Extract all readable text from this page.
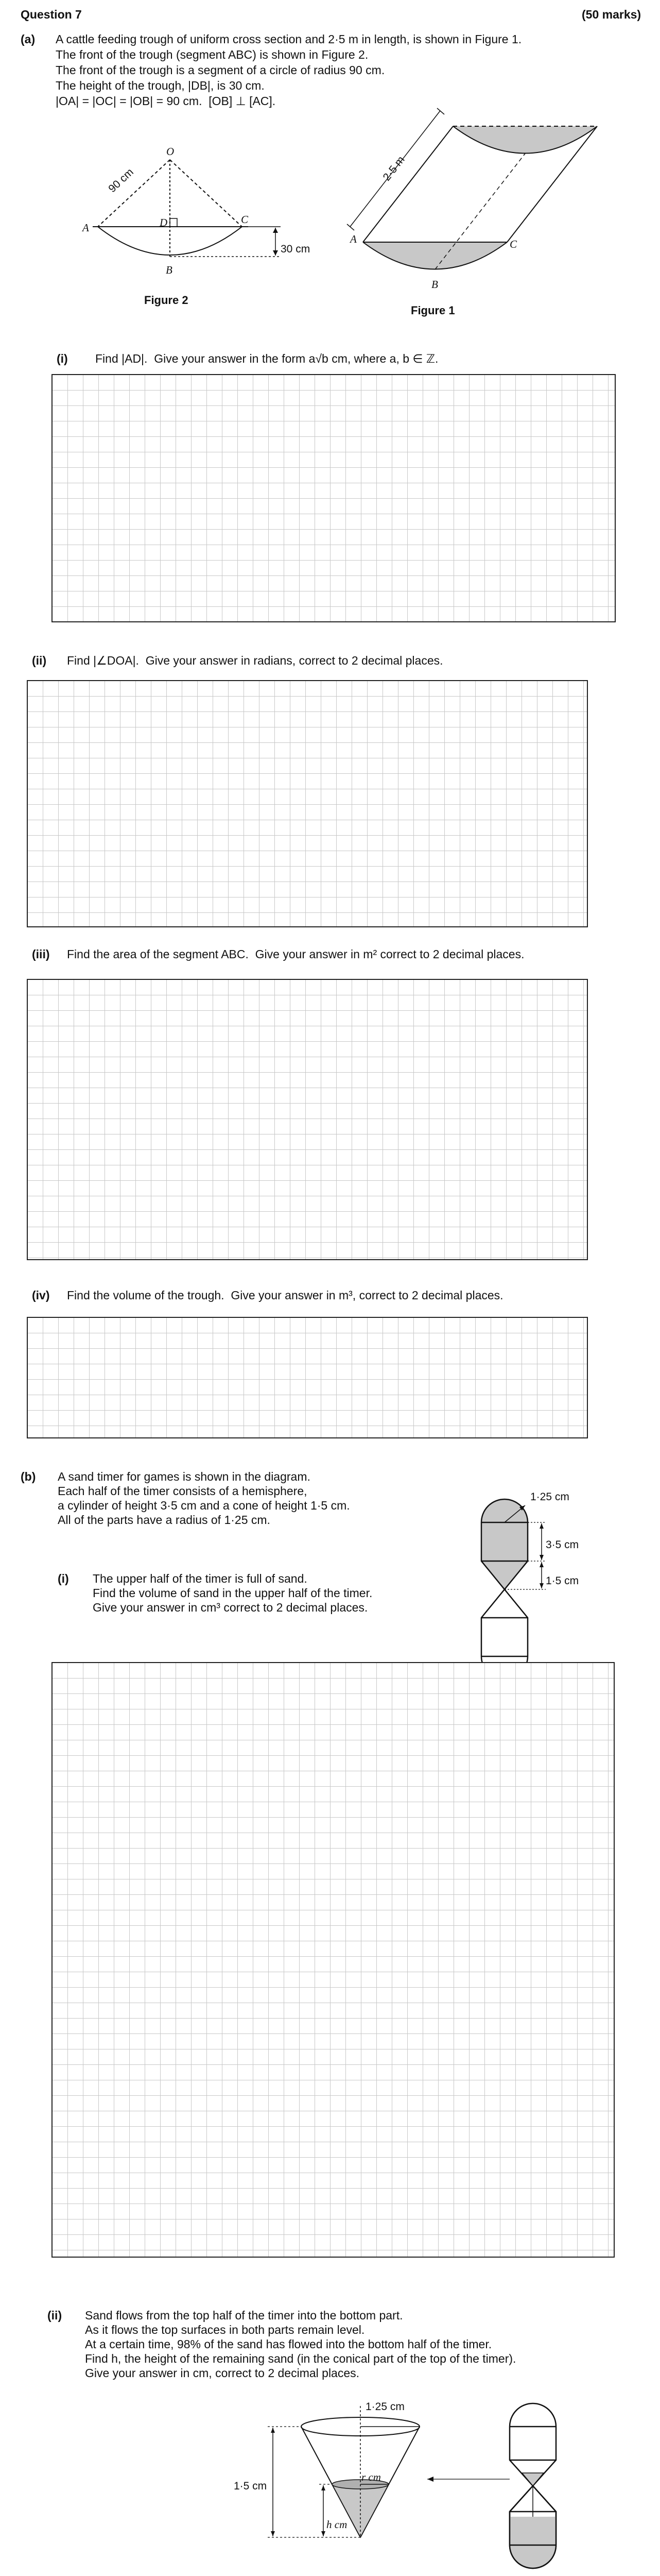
Question 7	(50 marks)
(a) A cattle feeding trough of uniform cross section and 2·5 m in length, is shown in Figure 1.
The front of the trough (segment ABC) is shown in Figure 2.
The front of the trough is a segment of a circle of radius 90 cm.
The height of the trough, |DB|, is 30 cm.
|OA| = |OC| = |OB| = 90 cm.  [OB] ⊥ [AC].
O
A
C
D
B
90 cm
30 cm
Figure 2
2·5 m
A
B
C
Figure 1
(i) Find |AD|.  Give your answer in the form a√b cm, where a, b ∈ ℤ.
(ii) Find |∠DOA|.  Give your answer in radians, correct to 2 decimal places.
(iii) Find the area of the segment ABC.  Give your answer in m² correct to 2 decimal places.
(iv) Find the volume of the trough.  Give your answer in m³, correct to 2 decimal places.
(b) A sand timer for games is shown in the diagram.
Each half of the timer consists of a hemisphere,
a cylinder of height 3·5 cm and a cone of height 1·5 cm.
All of the parts have a radius of 1·25 cm.
(i) The upper half of the timer is full of sand.
Find the volume of sand in the upper half of the timer.
Give your answer in cm³ correct to 2 decimal places.
1·25 cm
3·5 cm
1·5 cm
(ii) Sand flows from the top half of the timer into the bottom part.
As it flows the top surfaces in both parts remain level.
At a certain time, 98% of the sand has flowed into the bottom half of the timer.
Find h, the height of the remaining sand (in the conical part of the top of the timer).
Give your answer in cm, correct to 2 decimal places.
1·25 cm
1·5 cm
r cm
h cm
